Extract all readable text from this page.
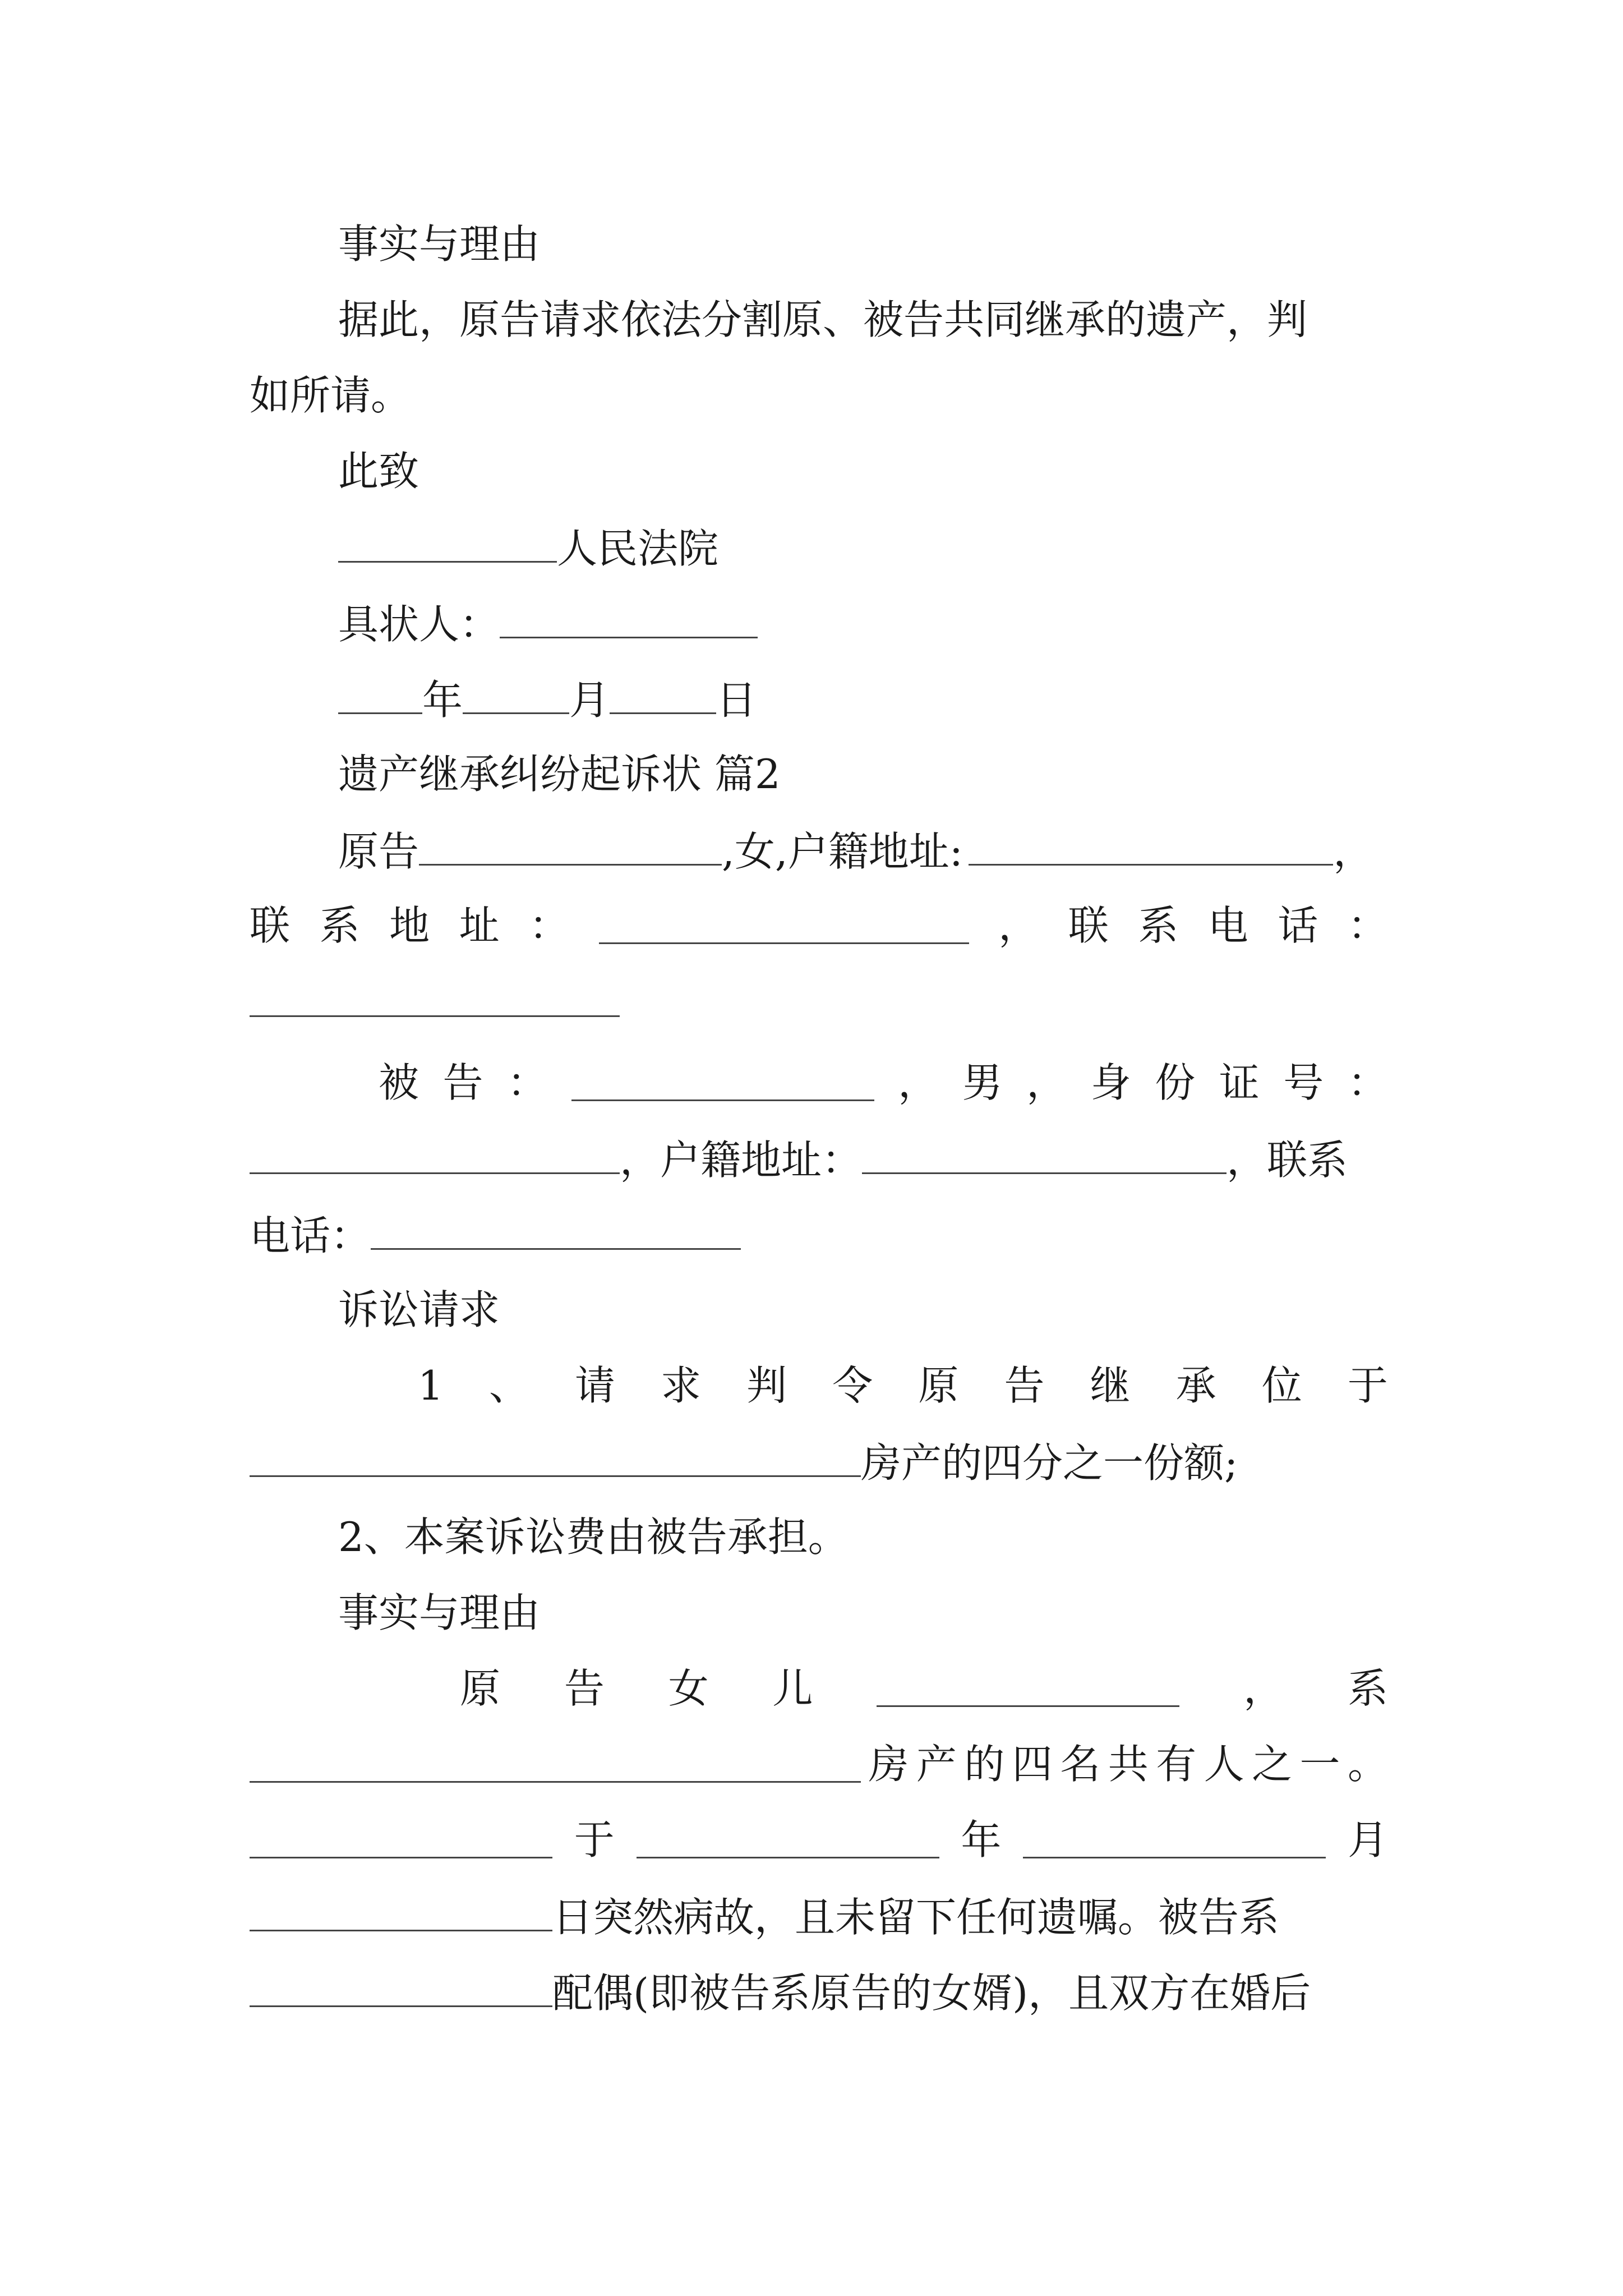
事实与理由
据此，原告请求依法分割原、被告共同继承的遗产，判
如所请。
此致
人民法院
具状人：
年	月	日
遗产继承纠纷起诉状 篇2
原告	,女,户籍地址:	，
联 系 地 址 ：	， 联 系 电 话 ：
被 告 ：	， 男 ， 身 份 证 号 ：
，户籍地址：	，联系
电话：
诉讼请求
1 、 请 求 判 令 原 告 继 承 位 于
房产的四分之一份额;
2、本案诉讼费由被告承担。
事实与理由
原 告 女 儿	， 系
房 产 的 四 名 共 有 人 之 一 。
于	年	月
日突然病故，且未留下任何遗嘱。被告系
配偶(即被告系原告的女婿)，且双方在婚后
